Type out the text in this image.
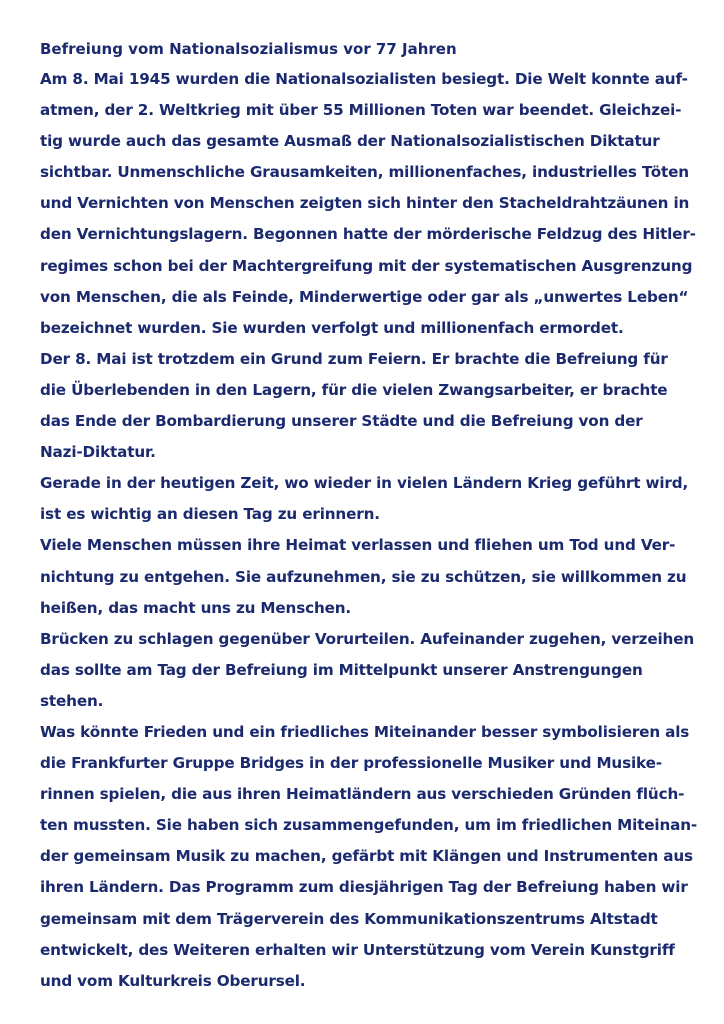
Befreiung vom Nationalsozialismus vor 77 Jahren
Am 8. Mai 1945 wurden die Nationalsozialisten besiegt. Die Welt konnte auf-
atmen, der 2. Weltkrieg mit über 55 Millionen Toten war beendet. Gleichzei-
tig wurde auch das gesamte Ausmaß der Nationalsozialistischen Diktatur
sichtbar. Unmenschliche Grausamkeiten, millionenfaches, industrielles Töten
und Vernichten von Menschen zeigten sich hinter den Stacheldrahtzäunen in
den Vernichtungslagern. Begonnen hatte der mörderische Feldzug des Hitler-
regimes schon bei der Machtergreifung mit der systematischen Ausgrenzung
von Menschen, die als Feinde, Minderwertige oder gar als „unwertes Leben“
bezeichnet wurden. Sie wurden verfolgt und millionenfach ermordet.
Der 8. Mai ist trotzdem ein Grund zum Feiern. Er brachte die Befreiung für
die Überlebenden in den Lagern, für die vielen Zwangsarbeiter, er brachte
das Ende der Bombardierung unserer Städte und die Befreiung von der
Nazi-Diktatur.
Gerade in der heutigen Zeit, wo wieder in vielen Ländern Krieg geführt wird,
ist es wichtig an diesen Tag zu erinnern.
Viele Menschen müssen ihre Heimat verlassen und fliehen um Tod und Ver-
nichtung zu entgehen. Sie aufzunehmen, sie zu schützen, sie willkommen zu
heißen, das macht uns zu Menschen.
Brücken zu schlagen gegenüber Vorurteilen. Aufeinander zugehen, verzeihen
das sollte am Tag der Befreiung im Mittelpunkt unserer Anstrengungen
stehen.
Was könnte Frieden und ein friedliches Miteinander besser symbolisieren als
die Frankfurter Gruppe Bridges in der professionelle Musiker und Musike-
rinnen spielen, die aus ihren Heimatländern aus verschieden Gründen flüch-
ten mussten. Sie haben sich zusammengefunden, um im friedlichen Miteinan-
der gemeinsam Musik zu machen, gefärbt mit Klängen und Instrumenten aus
ihren Ländern. Das Programm zum diesjährigen Tag der Befreiung haben wir
gemeinsam mit dem Trägerverein des Kommunikationszentrums Altstadt
entwickelt, des Weiteren erhalten wir Unterstützung vom Verein Kunstgriff
und vom Kulturkreis Oberursel.
